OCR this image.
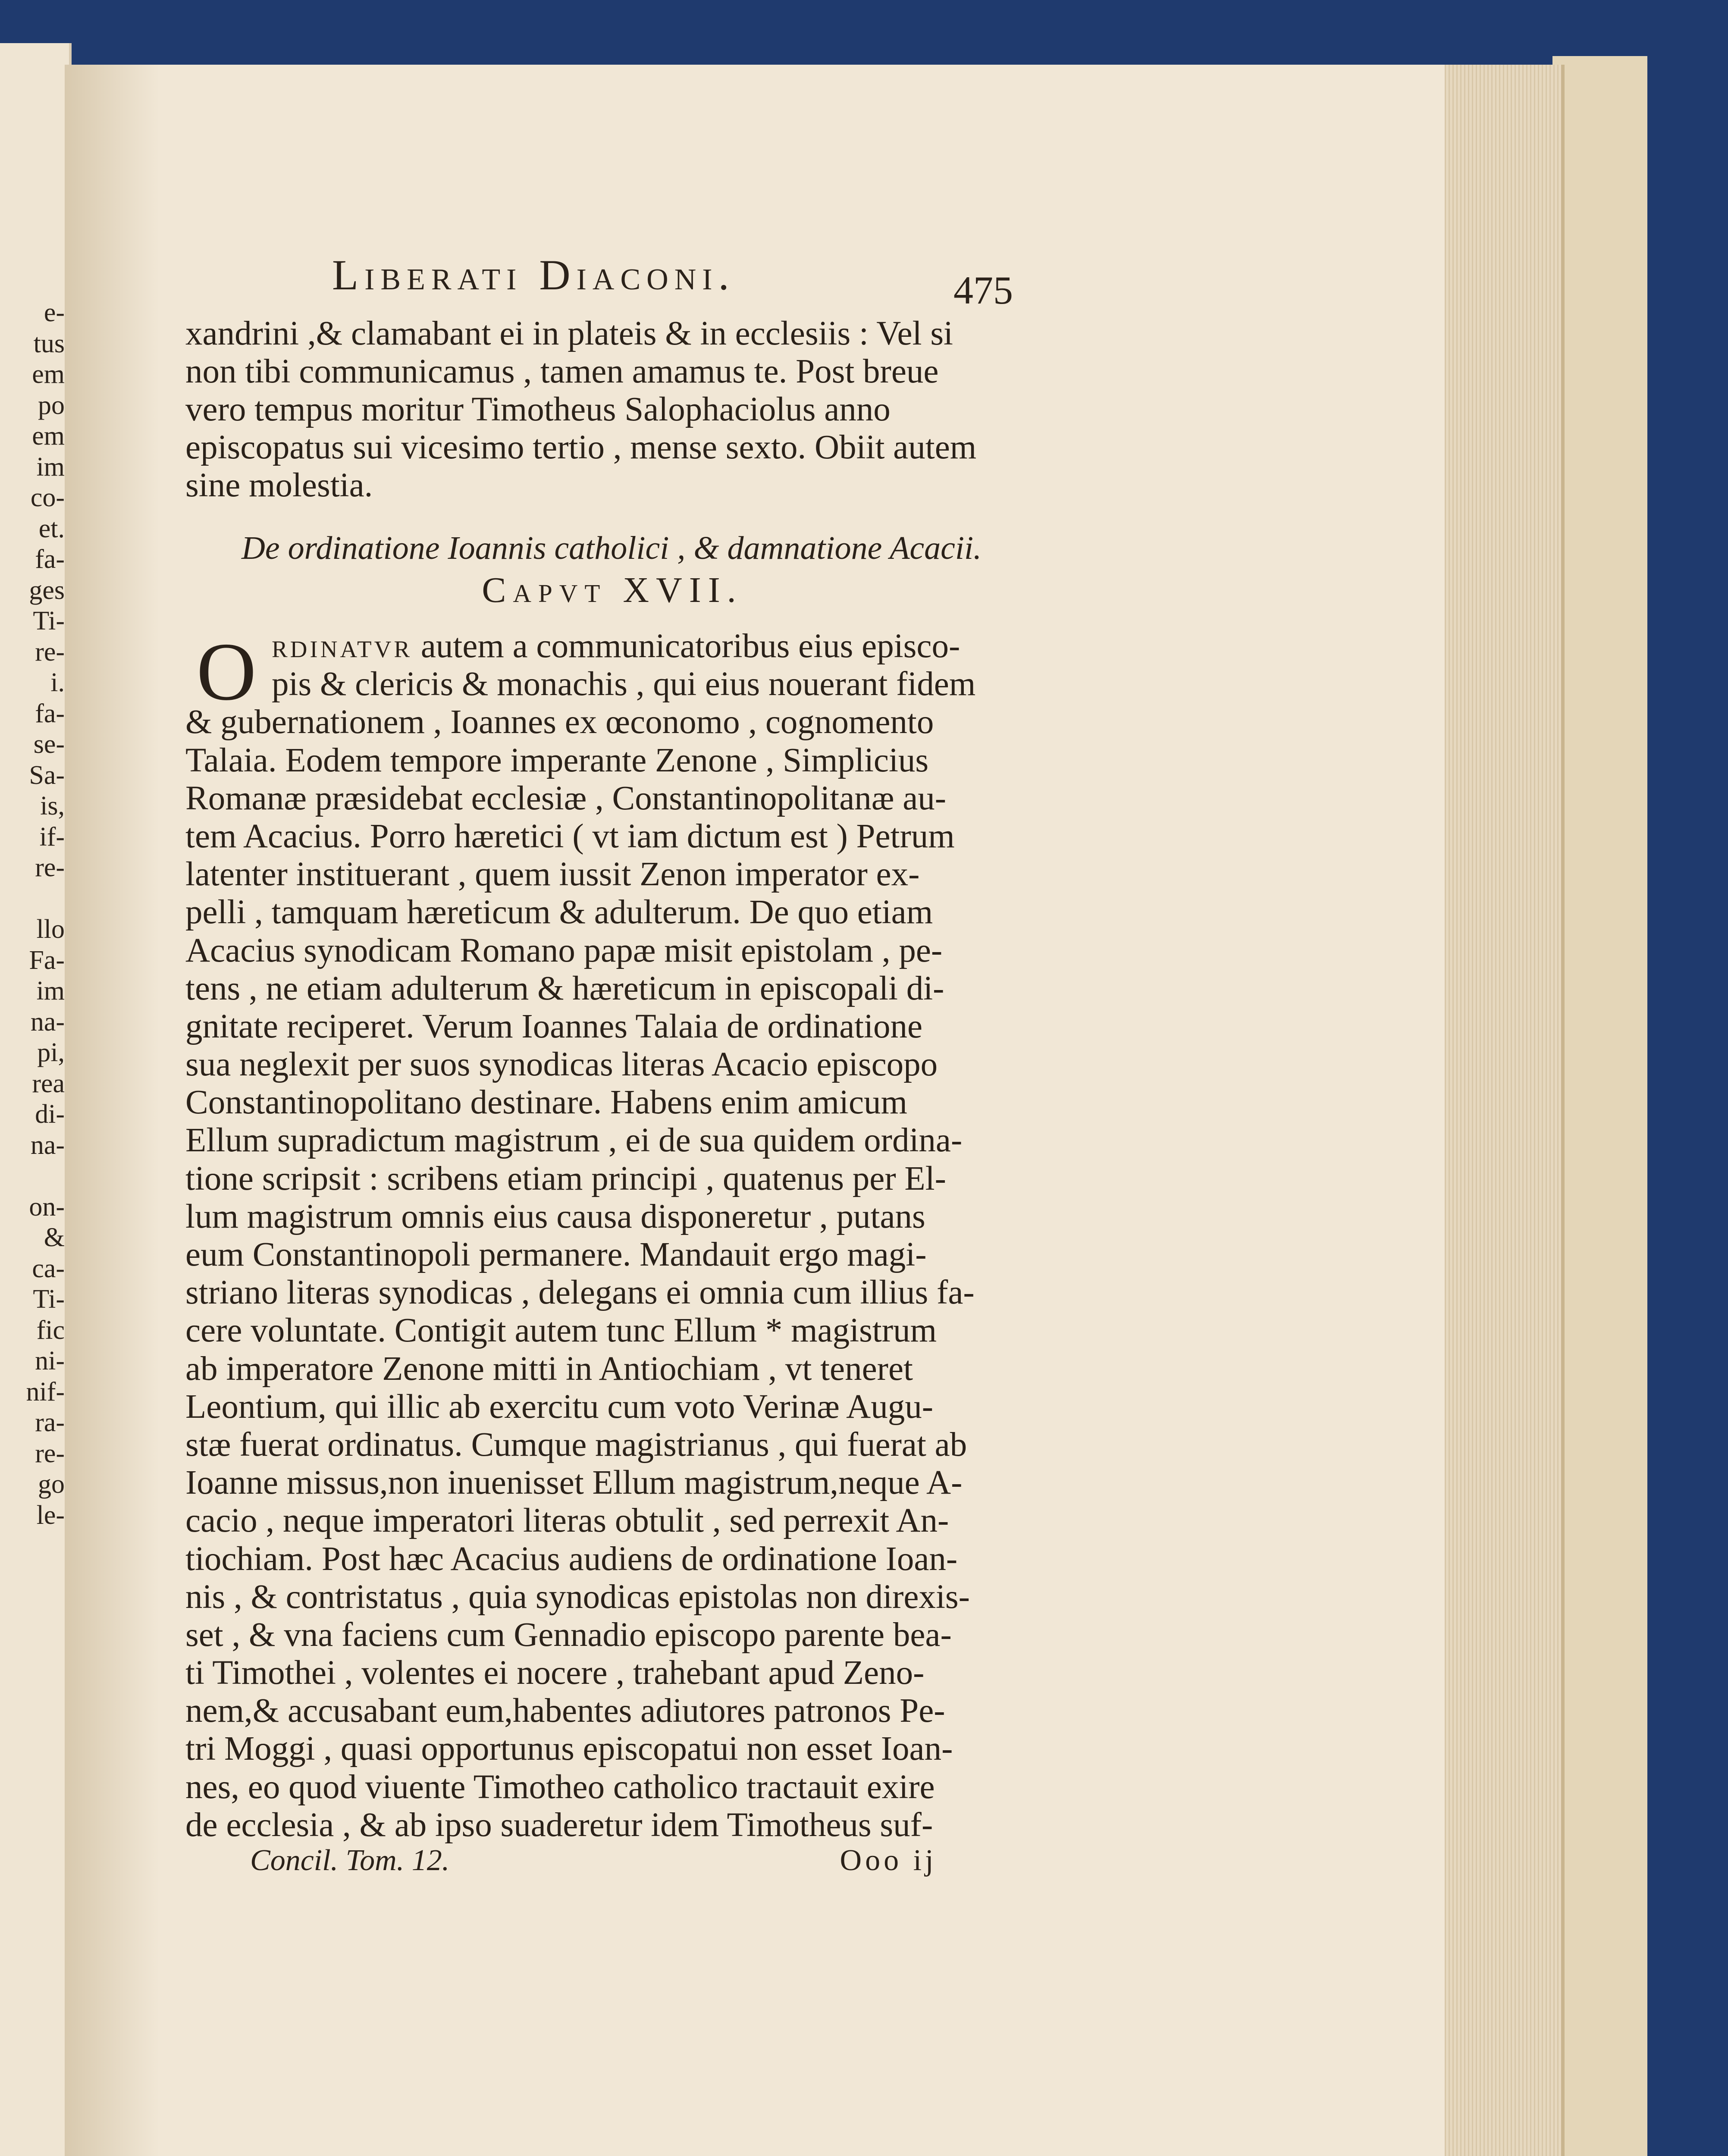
e-
tus
em
po
em
im
co-
et.
fa-
ges
Ti-
re-
i.
fa-
se-
Sa-
is,
if-
re-
llo
Fa-
im
na-
pi,
rea
di-
na-
on-
&
ca-
Ti-
fic
ni-
nif-
ra-
re-
go
le-
Liberati Diaconi.	475
xandrini ,& clamabant ei in plateis & in ecclesiis : Vel si
non tibi communicamus , tamen amamus te. Post breue
vero tempus moritur Timotheus Salophaciolus anno
episcopatus sui vicesimo tertio , mense sexto. Obiit autem
sine molestia.
De ordinatione Ioannis catholici , & damnatione Acacii.
Capvt XVII.
O rdinatvr autem a communicatoribus eius episco-
pis & clericis & monachis , qui eius nouerant fidem
& gubernationem , Ioannes ex œconomo , cognomento
Talaia. Eodem tempore imperante Zenone , Simplicius
Romanæ præsidebat ecclesiæ , Constantinopolitanæ au-
tem Acacius. Porro hæretici ( vt iam dictum est ) Petrum
latenter instituerant , quem iussit Zenon imperator ex-
pelli , tamquam hæreticum & adulterum. De quo etiam
Acacius synodicam Romano papæ misit epistolam , pe-
tens , ne etiam adulterum & hæreticum in episcopali di-
gnitate reciperet. Verum Ioannes Talaia de ordinatione
sua neglexit per suos synodicas literas Acacio episcopo
Constantinopolitano destinare. Habens enim amicum
Ellum supradictum magistrum , ei de sua quidem ordina-
tione scripsit : scribens etiam principi , quatenus per El-
lum magistrum omnis eius causa disponeretur , putans
eum Constantinopoli permanere. Mandauit ergo magi-
striano literas synodicas , delegans ei omnia cum illius fa-
cere voluntate. Contigit autem tunc Ellum * magistrum
ab imperatore Zenone mitti in Antiochiam , vt teneret
Leontium, qui illic ab exercitu cum voto Verinæ Augu-
stæ fuerat ordinatus. Cumque magistrianus , qui fuerat ab
Ioanne missus,non inuenisset Ellum magistrum,neque A-
cacio , neque imperatori literas obtulit , sed perrexit An-
tiochiam. Post hæc Acacius audiens de ordinatione Ioan-
nis , & contristatus , quia synodicas epistolas non direxis-
set , & vna faciens cum Gennadio episcopo parente bea-
ti Timothei , volentes ei nocere , trahebant apud Zeno-
nem,& accusabant eum,habentes adiutores patronos Pe-
tri Moggi , quasi opportunus episcopatui non esset Ioan-
nes, eo quod viuente Timotheo catholico tractauit exire
de ecclesia , & ab ipso suaderetur idem Timotheus suf-
Concil. Tom. 12.	Ooo ij
